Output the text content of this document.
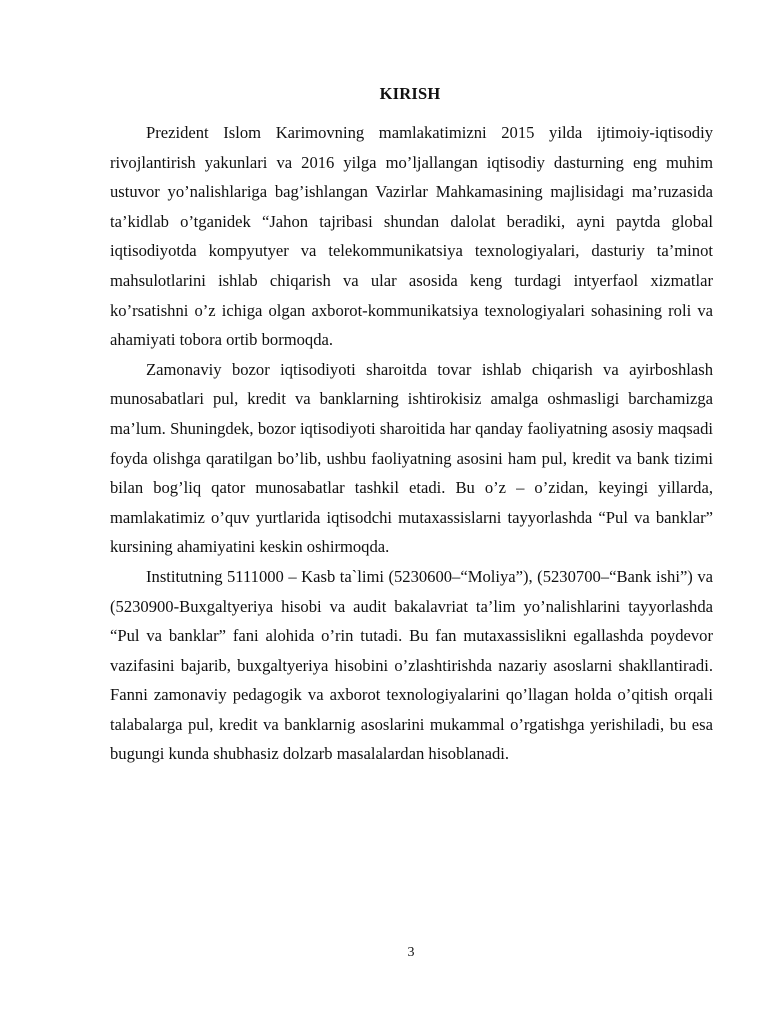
KIRISH

Prezident Islom Karimovning mamlakatimizni 2015 yilda ijtimoiy-iqtisodiy rivojlantirish yakunlari va 2016 yilga mo’ljallangan iqtisodiy dasturning eng muhim ustuvor yo’nalishlariga bag’ishlangan Vazirlar Mahkamasining majlisidagi ma’ruzasida ta’kidlab o’tganidek “Jahon tajribasi shundan dalolat beradiki, ayni paytda global iqtisodiyotda kompyutyer va telekommunikatsiya texnologiyalari, dasturiy ta’minot mahsulotlarini ishlab chiqarish va ular asosida keng turdagi intyerfaol xizmatlar ko’rsatishni o’z ichiga olgan axborot-kommunikatsiya texnologiyalari sohasining roli va ahamiyati tobora ortib bormoqda.

Zamonaviy bozor iqtisodiyoti sharoitda tovar ishlab chiqarish va ayirboshlash munosabatlari pul, kredit va banklarning ishtirokisiz amalga oshmasligi barchamizga ma’lum. Shuningdek, bozor iqtisodiyoti sharoitida har qanday faoliyatning asosiy maqsadi foyda olishga qaratilgan bo’lib, ushbu faoliyatning asosini ham pul, kredit va bank tizimi bilan bog’liq qator munosabatlar tashkil etadi. Bu o’z – o’zidan, keyingi yillarda, mamlakatimiz o’quv yurtlarida iqtisodchi mutaxassislarni tayyorlashda “Pul va banklar” kursining ahamiyatini keskin oshirmoqda.

Institutning 5111000 – Kasb ta`limi (5230600–“Moliya”), (5230700–“Bank ishi”) va (5230900-Buxgaltyeriya hisobi va audit bakalavriat ta’lim yo’nalishlarini tayyorlashda “Pul va banklar” fani alohida o’rin tutadi. Bu fan mutaxassislikni egallashda poydevor vazifasini bajarib, buxgaltyeriya hisobini o’zlashtirishda nazariy asoslarni shakllantiradi. Fanni zamonaviy pedagogik va axborot texnologiyalarini qo’llagan holda o’qitish orqali talabalarga pul, kredit va banklarnig asoslarini mukammal o’rgatishga yerishiladi, bu esa bugungi kunda shubhasiz dolzarb masalalardan hisoblanadi.

3
